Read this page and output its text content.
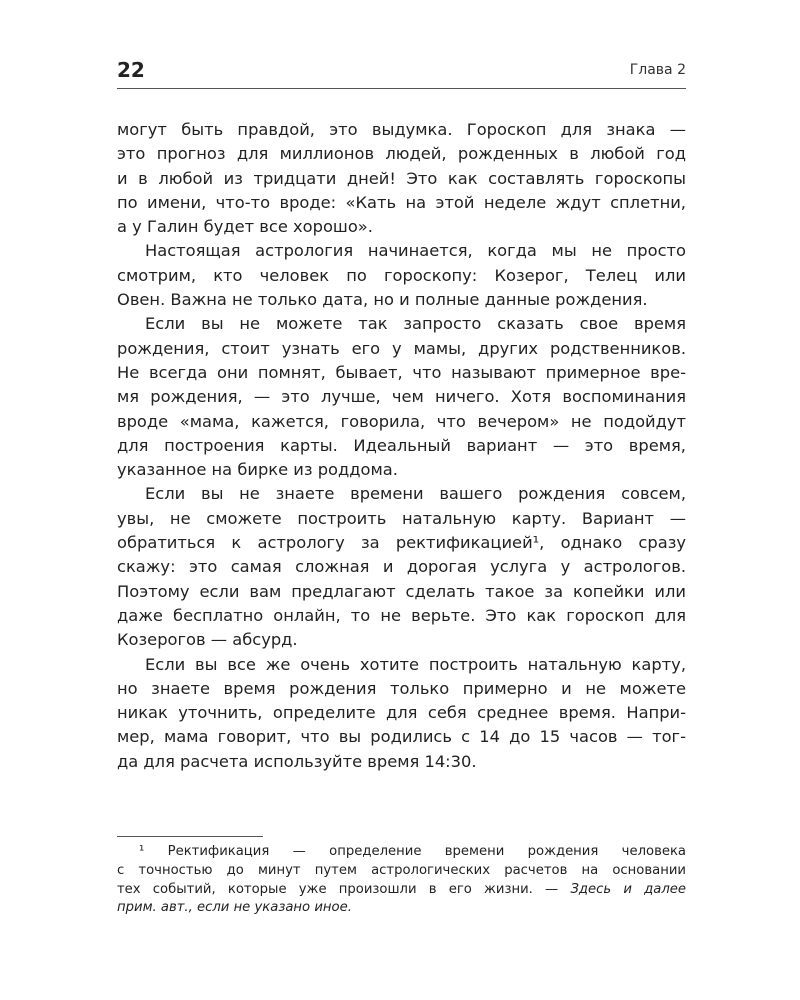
22	Глава 2
могут быть правдой, это выдумка. Гороскоп для знака —
это прогноз для миллионов людей, рожденных в любой год
и в любой из тридцати дней! Это как составлять гороскопы
по имени, что-то вроде: «Кать на этой неделе ждут сплетни,
а у Галин будет все хорошо».
Настоящая астрология начинается, когда мы не просто
смотрим, кто человек по гороскопу: Козерог, Телец или
Овен. Важна не только дата, но и полные данные рождения.
Если вы не можете так запросто сказать свое время
рождения, стоит узнать его у мамы, других родственников.
Не всегда они помнят, бывает, что называют примерное вре-
мя рождения, — это лучше, чем ничего. Хотя воспоминания
вроде «мама, кажется, говорила, что вечером» не подойдут
для построения карты. Идеальный вариант — это время,
указанное на бирке из роддома.
Если вы не знаете времени вашего рождения совсем,
увы, не сможете построить натальную карту. Вариант —
обратиться к астрологу за ректификацией¹, однако сразу
скажу: это самая сложная и дорогая услуга у астрологов.
Поэтому если вам предлагают сделать такое за копейки или
даже бесплатно онлайн, то не верьте. Это как гороскоп для
Козерогов — абсурд.
Если вы все же очень хотите построить натальную карту,
но знаете время рождения только примерно и не можете
никак уточнить, определите для себя среднее время. Напри-
мер, мама говорит, что вы родились с 14 до 15 часов — тог-
да для расчета используйте время 14:30.
¹ Ректификация — определение времени рождения человека
с точностью до минут путем астрологических расчетов на основании
тех событий, которые уже произошли в его жизни. — Здесь и далее
прим. авт., если не указано иное.
